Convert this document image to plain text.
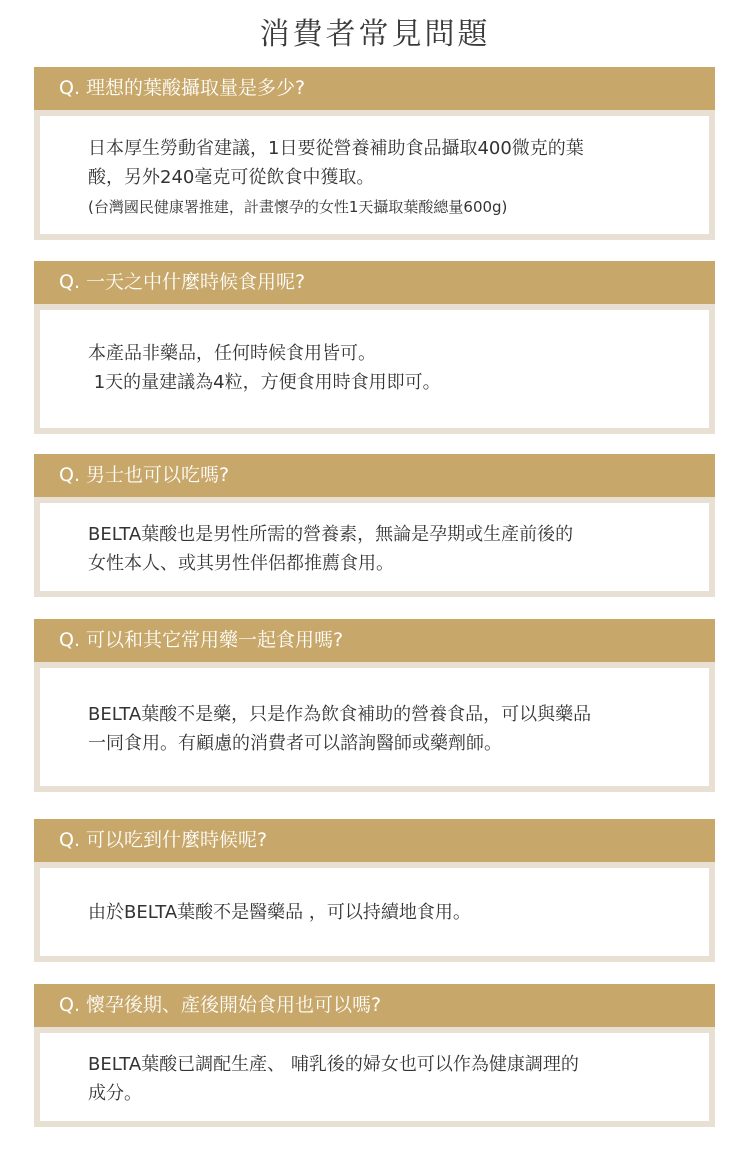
消費者常見問題
Q. 理想的葉酸攝取量是多少?
日本厚生勞動省建議，1日要從營養補助食品攝取400微克的葉
酸，另外240毫克可從飲食中獲取。
(台灣國民健康署推建，計畫懷孕的女性1天攝取葉酸總量600g)
Q. 一天之中什麼時候食用呢?
本產品非藥品，任何時候食用皆可。
1天的量建議為4粒，方便食用時食用即可。
Q. 男士也可以吃嗎?
BELTA葉酸也是男性所需的營養素，無論是孕期或生產前後的
女性本人、或其男性伴侶都推薦食用。
Q. 可以和其它常用藥一起食用嗎?
BELTA葉酸不是藥，只是作為飲食補助的營養食品，可以與藥品
一同食用。有顧慮的消費者可以諮詢醫師或藥劑師。
Q. 可以吃到什麼時候呢?
由於BELTA葉酸不是醫藥品 ，可以持續地食用。
Q. 懷孕後期、產後開始食用也可以嗎?
BELTA葉酸已調配生產、 哺乳後的婦女也可以作為健康調理的
成分。
